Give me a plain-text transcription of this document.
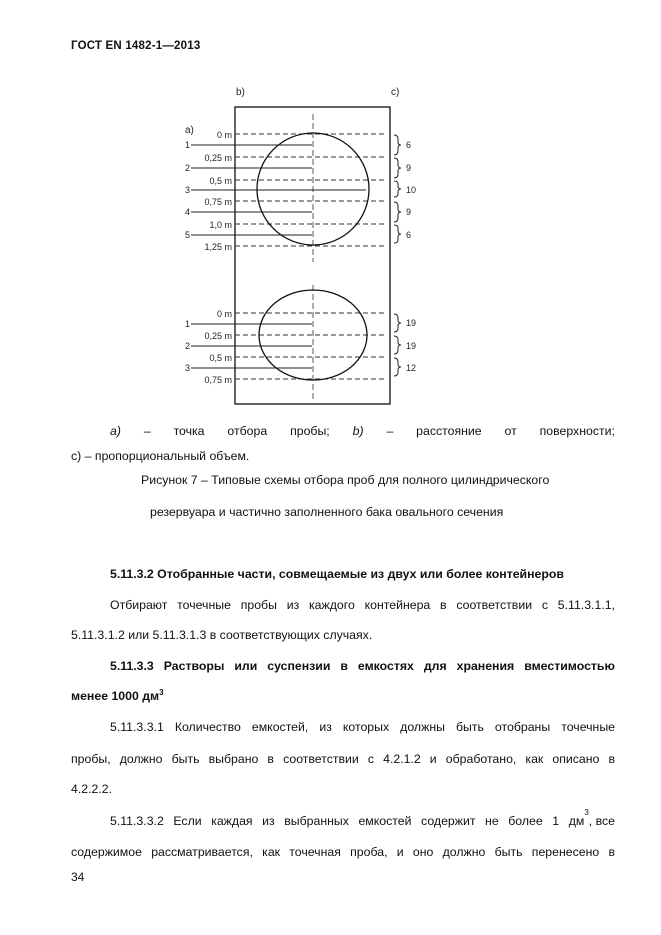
ГОСТ EN 1482-1—2013
b)	c)
a)	0 m
0,25 m
0,5 m
0,75 m
1,0 m
1,25 m
1
2
3
4
5
6
9
10
9
6
0 m
0,25 m
0,5 m
0,75 m
1
2
3
19
19
12
a) – точка отбора пробы; b) – расстояние от поверхности;
c) – пропорциональный объем.
Рисунок 7 – Типовые схемы отбора проб для полного цилиндрического
резервуара и частично заполненного бака овального сечения
5.11.3.2 Отобранные части, совмещаемые из двух или более контейнеров
Отбирают точечные пробы из каждого контейнера в соответствии с 5.11.3.1.1,
5.11.3.1.2 или 5.11.3.1.3 в соответствующих случаях.
5.11.3.3 Растворы или суспензии в емкостях для хранения вместимостью
менее 1000 $дм^3$
5.11.3.3.1 Количество емкостей, из которых должны быть отобраны точечные
пробы, должно быть выбрано в соответствии с 4.2.1.2 и обработано, как описано в
4.2.2.2.
5.11.3.3.2 Если каждая из выбранных емкостей содержит не более 1 дм
3
, все
содержимое рассматривается, как точечная проба, и оно должно быть перенесено в
34
